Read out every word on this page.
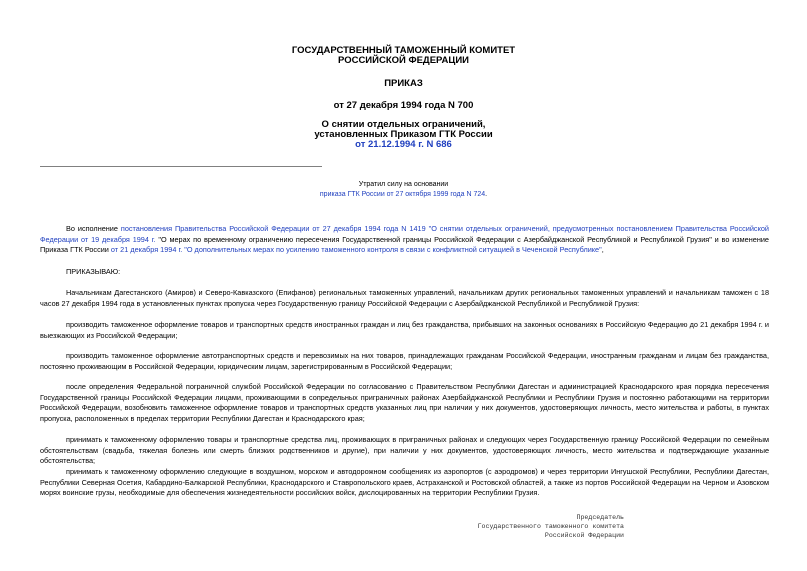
ГОСУДАРСТВЕННЫЙ ТАМОЖЕННЫЙ КОМИТЕТ
РОССИЙСКОЙ ФЕДЕРАЦИИ
ПРИКАЗ
от 27 декабря 1994 года N 700
О снятии отдельных ограничений,
установленных Приказом ГТК России
от 21.12.1994 г. N 686
Утратил силу на основании
приказа ГТК России от 27 октября 1999 года N 724.

Во исполнение постановления Правительства Российской Федерации от 27 декабря 1994 года N 1419 "О снятии отдельных ограничений, предусмотренных постановлением Правительства Российской Федерации от 19 декабря 1994 г. "О мерах по временному ограничению пересечения Государственной границы Российской Федерации с Азербайджанской Республикой и Республикой Грузия" и во изменение Приказа ГТК России от 21 декабря 1994 г. "О дополнительных мерах по усилению таможенного контроля в связи с конфликтной ситуацией в Чеченской Республике",

ПРИКАЗЫВАЮ:

Начальникам Дагестанского (Амиров) и Северо-Кавказского (Епифанов) региональных таможенных управлений, начальникам других региональных таможенных управлений и начальникам таможен с 18 часов 27 декабря 1994 года в установленных пунктах пропуска через Государственную границу Российской Федерации с Азербайджанской Республикой и Республикой Грузия:

производить таможенное оформление товаров и транспортных средств иностранных граждан и лиц без гражданства, прибывших на законных основаниях в Российскую Федерацию до 21 декабря 1994 г. и выезжающих из Российской Федерации;

производить таможенное оформление автотранспортных средств и перевозимых на них товаров, принадлежащих гражданам Российской Федерации, иностранным гражданам и лицам без гражданства, постоянно проживающим в Российской Федерации, юридическим лицам, зарегистрированным в Российской Федерации;

после определения Федеральной пограничной службой Российской Федерации по согласованию с Правительством Республики Дагестан и администрацией Краснодарского края порядка пересечения Государственной границы Российской Федерации лицами, проживающими в сопредельных приграничных районах Азербайджанской Республики и Республики Грузия и постоянно работающими на территории Российской Федерации, возобновить таможенное оформление товаров и транспортных средств указанных лиц при наличии у них документов, удостоверяющих личность, место жительства и работы, в пунктах пропуска, расположенных в пределах территории Республики Дагестан и Краснодарского края;

принимать к таможенному оформлению товары и транспортные средства лиц, проживающих в приграничных районах и следующих через Государственную границу Российской Федерации по семейным обстоятельствам (свадьба, тяжелая болезнь или смерть близких родственников и другие), при наличии у них документов, удостоверяющих личность, место жительства и подтверждающие указанные обстоятельства;

принимать к таможенному оформлению следующие в воздушном, морском и автодорожном сообщениях из аэропортов (с аэродромов) и через территории Ингушской Республики, Республики Дагестан, Республики Северная Осетия, Кабардино-Балкарской Республики, Краснодарского и Ставропольского краев, Астраханской и Ростовской областей, а также из портов Российской Федерации на Черном и Азовском морях воинские грузы, необходимые для обеспечения жизнедеятельности российских войск, дислоцированных на территории Республики Грузия.

Председатель
Государственного таможенного комитета
Российской Федерации
